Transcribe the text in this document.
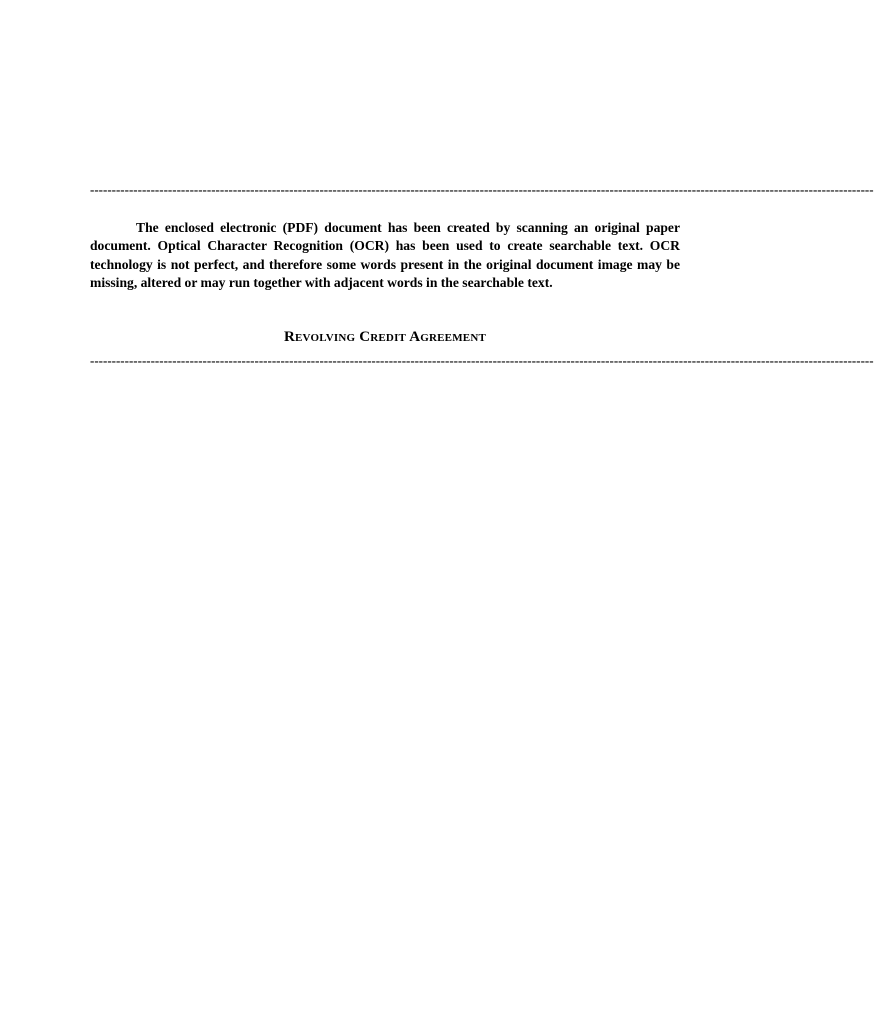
-------------------------------------------------------------------------------------------------------------------------------------------------------------------------------------

The enclosed electronic (PDF) document has been created by scanning an original paper document. Optical Character Recognition (OCR) has been used to create searchable text. OCR technology is not perfect, and therefore some words present in the original document image may be missing, altered or may run together with adjacent words in the searchable text.

Revolving Credit Agreement
-------------------------------------------------------------------------------------------------------------------------------------------------------------------------------------
